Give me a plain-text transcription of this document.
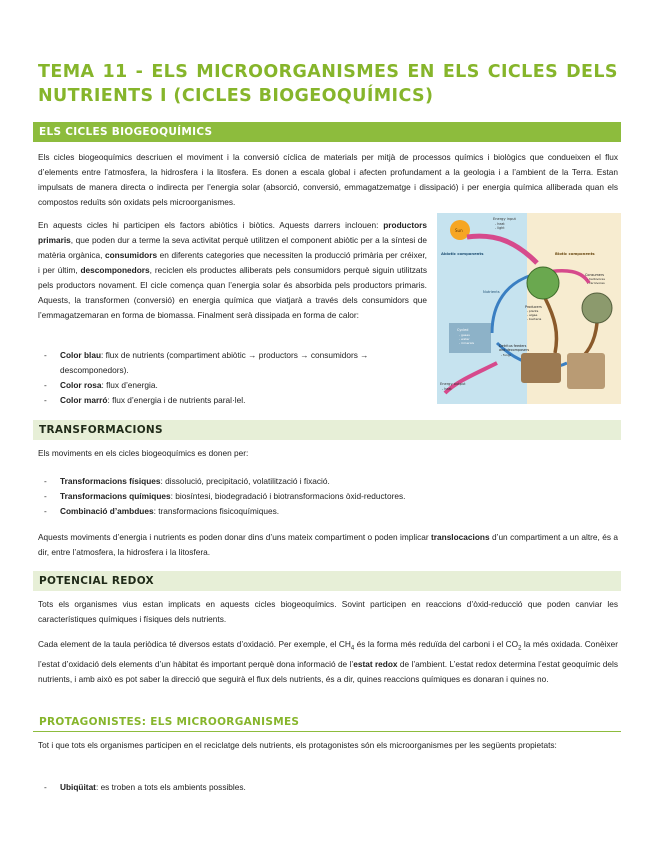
TEMA 11 - ELS MICROORGANISMES EN ELS CICLES DELS
NUTRIENTS I (CICLES BIOGEOQUÍMICS)
ELS CICLES BIOGEOQUÍMICS

Els cicles biogeoquímics descriuen el moviment i la conversió cíclica de materials per mitjà de processos químics i biològics que condueixen el flux d’elements entre l’atmosfera, la hidrosfera i la litosfera. Es donen a escala global i afecten profundament a la geologia i a l’ambient de la Terra. Estan impulsats de manera directa o indirecta per l’energia solar (absorció, conversió, emmagatzematge i dissipació) i per energia química alliberada quan els compostos reduïts són oxidats pels microorganismes.

En aquests cicles hi participen els factors abiòtics i biòtics. Aquests darrers inclouen: productors primaris, que poden dur a terme la seva activitat perquè utilitzen el component abiòtic per a la síntesi de matèria orgànica, consumidors en diferents categories que necessiten la producció primària per créixer, i per últim, descomponedors, reciclen els productes alliberats pels consumidors perquè siguin utilitzats pels productors novament. El cicle comença quan l’energia solar és absorbida pels productors primaris. Aquests, la transformen (conversió) en energia química que viatjarà a través dels consumidors que l’emmagatzemaran en forma de biomassa. Finalment serà dissipada en forma de calor:

- Color blau: flux de nutrients (compartiment abiòtic → productors → consumidors → descomponedors).
- Color rosa: flux d’energia.
- Color marró: flux d’energia i de nutrients paral·lel.
Sun
Energy input
- heat
- light
Abiotic components	Biotic components
Producers
- plants
- algae
- bacteria
Consumers
- herbivores
- carnivores
Nutrients
Cycled
- gases
- water
- minerals
Detritus feeders
and decomposers
- fungi
Energy output
- heat
TRANSFORMACIONS

Els moviments en els cicles biogeoquímics es donen per:

- Transformacions físiques: dissolució, precipitació, volatilització i fixació.
- Transformacions químiques: biosíntesi, biodegradació i biotransformacions òxid-reductores.
- Combinació d’ambdues: transformacions fisicoquímiques.

Aquests moviments d’energia i nutrients es poden donar dins d’uns mateix compartiment o poden implicar translocacions d’un compartiment a un altre, és a dir, entre l’atmosfera, la hidrosfera i la litosfera.

POTENCIAL REDOX

Tots els organismes vius estan implicats en aquests cicles biogeoquímics. Sovint participen en reaccions d’òxid-reducció que poden canviar les característiques químiques i físiques dels nutrients.

Cada element de la taula periòdica té diversos estats d’oxidació. Per exemple, el $CH_4$ és la forma més reduïda del carboni i el $CO_2$ la més oxidada. Conèixer l’estat d’oxidació dels elements d’un hàbitat és important perquè dona informació de l’estat redox de l’ambient. L’estat redox determina l’estat geoquímic dels nutrients, i amb això es pot saber la direcció que seguirà el flux dels nutrients, és a dir, quines reaccions químiques es donaran i quines no.

PROTAGONISTES: ELS MICROORGANISMES

Tot i que tots els organismes participen en el reciclatge dels nutrients, els protagonistes són els microorganismes per les següents propietats:

- Ubiqüitat: es troben a tots els ambients possibles.
